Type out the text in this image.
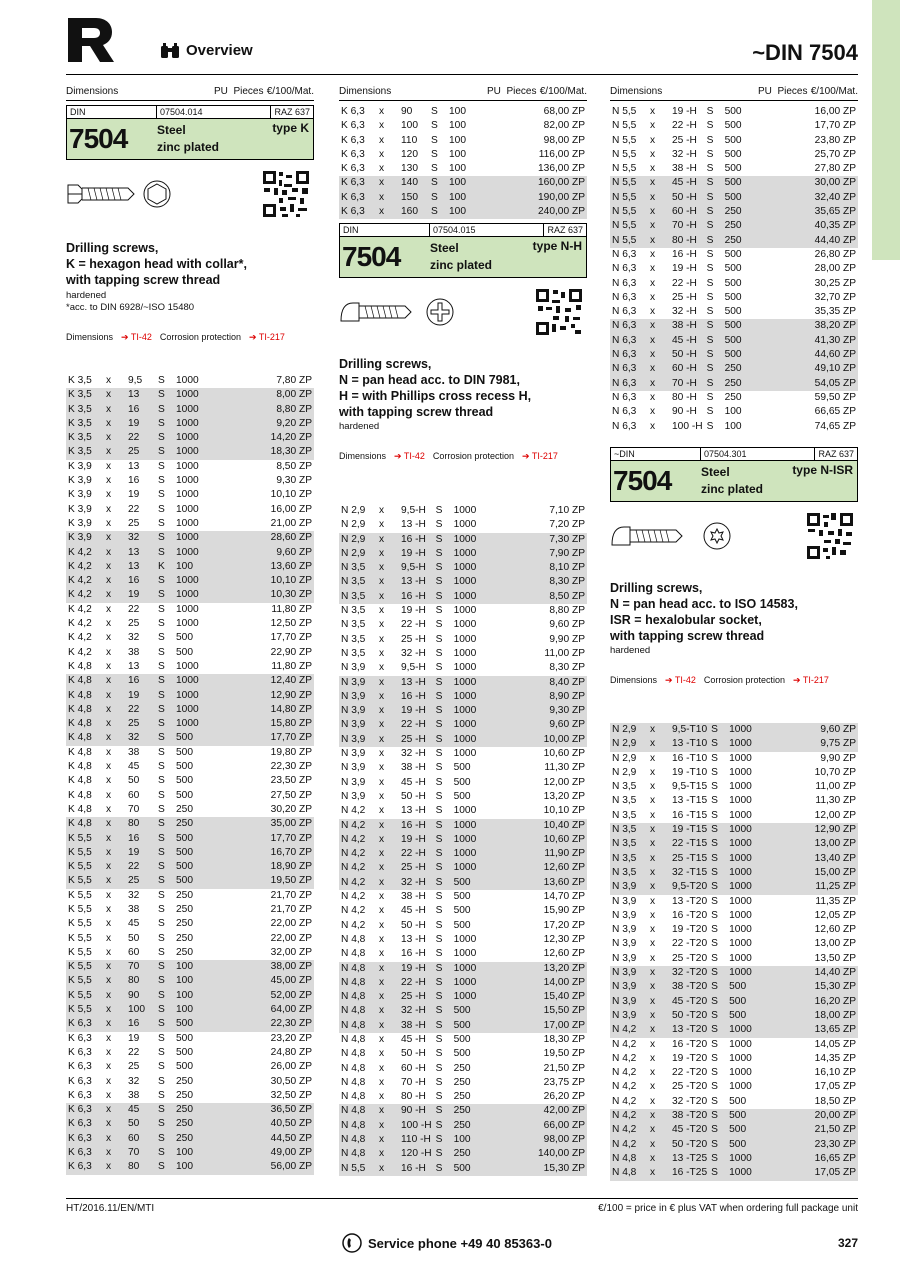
Overview	~DIN 7504
Dimensions	PU Pieces €/100/Mat.
DIN	07504.014	RAZ 637
7504	Steel
zinc plated
type K
Drilling screws,
K = hexagon head with collar*,
with tapping screw thread
hardened
*acc. to DIN 6928/~ISO 15480
Dimensions ➔ TI-42 Corrosion protection ➔ TI-217
K 3,5	x	9,5	S	1000	7,80 ZP
K 3,5	x	13	S	1000	8,00 ZP
K 3,5	x	16	S	1000	8,80 ZP
K 3,5	x	19	S	1000	9,20 ZP
K 3,5	x	22	S	1000	14,20 ZP
K 3,5	x	25	S	1000	18,30 ZP
K 3,9	x	13	S	1000	8,50 ZP
K 3,9	x	16	S	1000	9,30 ZP
K 3,9	x	19	S	1000	10,10 ZP
K 3,9	x	22	S	1000	16,00 ZP
K 3,9	x	25	S	1000	21,00 ZP
K 3,9	x	32	S	1000	28,60 ZP
K 4,2	x	13	S	1000	9,60 ZP
K 4,2	x	13	K	100	13,60 ZP
K 4,2	x	16	S	1000	10,10 ZP
K 4,2	x	19	S	1000	10,30 ZP
K 4,2	x	22	S	1000	11,80 ZP
K 4,2	x	25	S	1000	12,50 ZP
K 4,2	x	32	S	500	17,70 ZP
K 4,2	x	38	S	500	22,90 ZP
K 4,8	x	13	S	1000	11,80 ZP
K 4,8	x	16	S	1000	12,40 ZP
K 4,8	x	19	S	1000	12,90 ZP
K 4,8	x	22	S	1000	14,80 ZP
K 4,8	x	25	S	1000	15,80 ZP
K 4,8	x	32	S	500	17,70 ZP
K 4,8	x	38	S	500	19,80 ZP
K 4,8	x	45	S	500	22,30 ZP
K 4,8	x	50	S	500	23,50 ZP
K 4,8	x	60	S	500	27,50 ZP
K 4,8	x	70	S	250	30,20 ZP
K 4,8	x	80	S	250	35,00 ZP
K 5,5	x	16	S	500	17,70 ZP
K 5,5	x	19	S	500	16,70 ZP
K 5,5	x	22	S	500	18,90 ZP
K 5,5	x	25	S	500	19,50 ZP
K 5,5	x	32	S	250	21,70 ZP
K 5,5	x	38	S	250	21,70 ZP
K 5,5	x	45	S	250	22,00 ZP
K 5,5	x	50	S	250	22,00 ZP
K 5,5	x	60	S	250	32,00 ZP
K 5,5	x	70	S	100	38,00 ZP
K 5,5	x	80	S	100	45,00 ZP
K 5,5	x	90	S	100	52,00 ZP
K 5,5	x	100	S	100	64,00 ZP
K 6,3	x	16	S	500	22,30 ZP
K 6,3	x	19	S	500	23,20 ZP
K 6,3	x	22	S	500	24,80 ZP
K 6,3	x	25	S	500	26,00 ZP
K 6,3	x	32	S	250	30,50 ZP
K 6,3	x	38	S	250	32,50 ZP
K 6,3	x	45	S	250	36,50 ZP
K 6,3	x	50	S	250	40,50 ZP
K 6,3	x	60	S	250	44,50 ZP
K 6,3	x	70	S	100	49,00 ZP
K 6,3	x	80	S	100	56,00 ZP
Dimensions	PU Pieces €/100/Mat.
K 6,3	x	90	S	100	68,00 ZP
K 6,3	x	100	S	100	82,00 ZP
K 6,3	x	110	S	100	98,00 ZP
K 6,3	x	120	S	100	116,00 ZP
K 6,3	x	130	S	100	136,00 ZP
K 6,3	x	140	S	100	160,00 ZP
K 6,3	x	150	S	100	190,00 ZP
K 6,3	x	160	S	100	240,00 ZP
DIN	07504.015	RAZ 637
7504	Steel
zinc plated
type N-H
Drilling screws,
N = pan head acc. to DIN 7981,
H = with Phillips cross recess H,
with tapping screw thread
hardened
Dimensions ➔ TI-42 Corrosion protection ➔ TI-217
N 2,9	x	9,5-H	S	1000	7,10 ZP
N 2,9	x	13 -H	S	1000	7,20 ZP
N 2,9	x	16 -H	S	1000	7,30 ZP
N 2,9	x	19 -H	S	1000	7,90 ZP
N 3,5	x	9,5-H	S	1000	8,10 ZP
N 3,5	x	13 -H	S	1000	8,30 ZP
N 3,5	x	16 -H	S	1000	8,50 ZP
N 3,5	x	19 -H	S	1000	8,80 ZP
N 3,5	x	22 -H	S	1000	9,60 ZP
N 3,5	x	25 -H	S	1000	9,90 ZP
N 3,5	x	32 -H	S	1000	11,00 ZP
N 3,9	x	9,5-H	S	1000	8,30 ZP
N 3,9	x	13 -H	S	1000	8,40 ZP
N 3,9	x	16 -H	S	1000	8,90 ZP
N 3,9	x	19 -H	S	1000	9,30 ZP
N 3,9	x	22 -H	S	1000	9,60 ZP
N 3,9	x	25 -H	S	1000	10,00 ZP
N 3,9	x	32 -H	S	1000	10,60 ZP
N 3,9	x	38 -H	S	500	11,30 ZP
N 3,9	x	45 -H	S	500	12,00 ZP
N 3,9	x	50 -H	S	500	13,20 ZP
N 4,2	x	13 -H	S	1000	10,10 ZP
N 4,2	x	16 -H	S	1000	10,40 ZP
N 4,2	x	19 -H	S	1000	10,60 ZP
N 4,2	x	22 -H	S	1000	11,90 ZP
N 4,2	x	25 -H	S	1000	12,60 ZP
N 4,2	x	32 -H	S	500	13,60 ZP
N 4,2	x	38 -H	S	500	14,70 ZP
N 4,2	x	45 -H	S	500	15,90 ZP
N 4,2	x	50 -H	S	500	17,20 ZP
N 4,8	x	13 -H	S	1000	12,30 ZP
N 4,8	x	16 -H	S	1000	12,60 ZP
N 4,8	x	19 -H	S	1000	13,20 ZP
N 4,8	x	22 -H	S	1000	14,00 ZP
N 4,8	x	25 -H	S	1000	15,40 ZP
N 4,8	x	32 -H	S	500	15,50 ZP
N 4,8	x	38 -H	S	500	17,00 ZP
N 4,8	x	45 -H	S	500	18,30 ZP
N 4,8	x	50 -H	S	500	19,50 ZP
N 4,8	x	60 -H	S	250	21,50 ZP
N 4,8	x	70 -H	S	250	23,75 ZP
N 4,8	x	80 -H	S	250	26,20 ZP
N 4,8	x	90 -H	S	250	42,00 ZP
N 4,8	x	100 -H	S	250	66,00 ZP
N 4,8	x	110 -H	S	100	98,00 ZP
N 4,8	x	120 -H	S	250	140,00 ZP
N 5,5	x	16 -H	S	500	15,30 ZP
Dimensions	PU Pieces €/100/Mat.
N 5,5	x	19 -H	S	500	16,00 ZP
N 5,5	x	22 -H	S	500	17,70 ZP
N 5,5	x	25 -H	S	500	23,80 ZP
N 5,5	x	32 -H	S	500	25,70 ZP
N 5,5	x	38 -H	S	500	27,80 ZP
N 5,5	x	45 -H	S	500	30,00 ZP
N 5,5	x	50 -H	S	500	32,40 ZP
N 5,5	x	60 -H	S	250	35,65 ZP
N 5,5	x	70 -H	S	250	40,35 ZP
N 5,5	x	80 -H	S	250	44,40 ZP
N 6,3	x	16 -H	S	500	26,80 ZP
N 6,3	x	19 -H	S	500	28,00 ZP
N 6,3	x	22 -H	S	500	30,25 ZP
N 6,3	x	25 -H	S	500	32,70 ZP
N 6,3	x	32 -H	S	500	35,35 ZP
N 6,3	x	38 -H	S	500	38,20 ZP
N 6,3	x	45 -H	S	500	41,30 ZP
N 6,3	x	50 -H	S	500	44,60 ZP
N 6,3	x	60 -H	S	250	49,10 ZP
N 6,3	x	70 -H	S	250	54,05 ZP
N 6,3	x	80 -H	S	250	59,50 ZP
N 6,3	x	90 -H	S	100	66,65 ZP
N 6,3	x	100 -H	S	100	74,65 ZP
~DIN	07504.301	RAZ 637
7504	Steel
zinc plated
type N-ISR
Drilling screws,
N = pan head acc. to ISO 14583,
ISR = hexalobular socket,
with tapping screw thread
hardened
Dimensions ➔ TI-42 Corrosion protection ➔ TI-217
N 2,9	x	9,5-T10	S	1000	9,60 ZP
N 2,9	x	13 -T10	S	1000	9,75 ZP
N 2,9	x	16 -T10	S	1000	9,90 ZP
N 2,9	x	19 -T10	S	1000	10,70 ZP
N 3,5	x	9,5-T15	S	1000	11,00 ZP
N 3,5	x	13 -T15	S	1000	11,30 ZP
N 3,5	x	16 -T15	S	1000	12,00 ZP
N 3,5	x	19 -T15	S	1000	12,90 ZP
N 3,5	x	22 -T15	S	1000	13,00 ZP
N 3,5	x	25 -T15	S	1000	13,40 ZP
N 3,5	x	32 -T15	S	1000	15,00 ZP
N 3,9	x	9,5-T20	S	1000	11,25 ZP
N 3,9	x	13 -T20	S	1000	11,35 ZP
N 3,9	x	16 -T20	S	1000	12,05 ZP
N 3,9	x	19 -T20	S	1000	12,60 ZP
N 3,9	x	22 -T20	S	1000	13,00 ZP
N 3,9	x	25 -T20	S	1000	13,50 ZP
N 3,9	x	32 -T20	S	1000	14,40 ZP
N 3,9	x	38 -T20	S	500	15,30 ZP
N 3,9	x	45 -T20	S	500	16,20 ZP
N 3,9	x	50 -T20	S	500	18,00 ZP
N 4,2	x	13 -T20	S	1000	13,65 ZP
N 4,2	x	16 -T20	S	1000	14,05 ZP
N 4,2	x	19 -T20	S	1000	14,35 ZP
N 4,2	x	22 -T20	S	1000	16,10 ZP
N 4,2	x	25 -T20	S	1000	17,05 ZP
N 4,2	x	32 -T20	S	500	18,50 ZP
N 4,2	x	38 -T20	S	500	20,00 ZP
N 4,2	x	45 -T20	S	500	21,50 ZP
N 4,2	x	50 -T20	S	500	23,30 ZP
N 4,8	x	13 -T25	S	1000	16,65 ZP
N 4,8	x	16 -T25	S	1000	17,05 ZP
HT/2016.11/EN/MTI	€/100 = price in € plus VAT when ordering full package unit
Service phone +49 40 85363-0	327
